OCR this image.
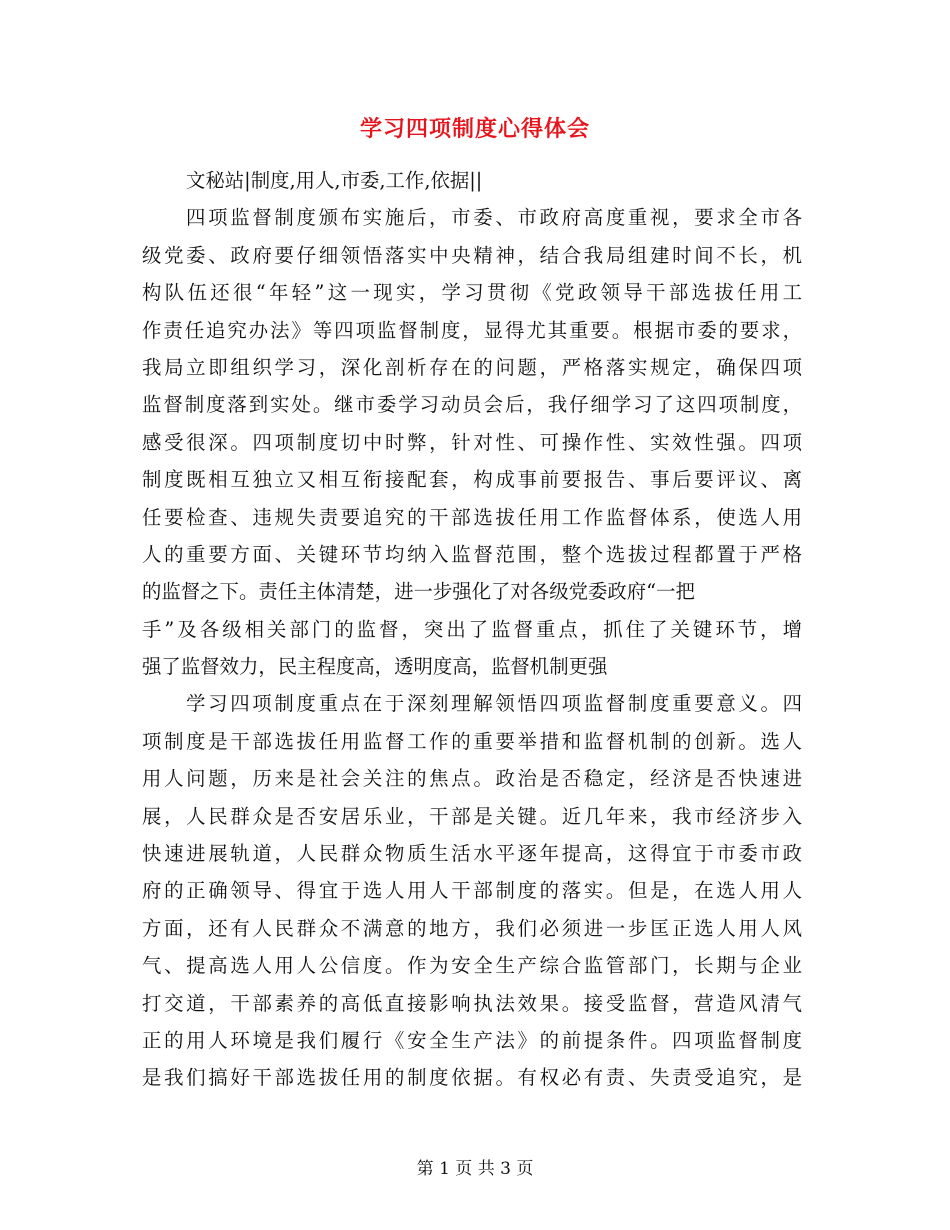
学习四项制度心得体会
文秘站|制度,用人,市委,工作,依据||
四项监督制度颁布实施后，市委、市政府高度重视，要求全市各
级党委、政府要仔细领悟落实中央精神，结合我局组建时间不长，机
构队伍还很“年轻”这一现实，学习贯彻《党政领导干部选拔任用工
作责任追究办法》等四项监督制度，显得尤其重要。根据市委的要求，
我局立即组织学习，深化剖析存在的问题，严格落实规定，确保四项
监督制度落到实处。继市委学习动员会后，我仔细学习了这四项制度，
感受很深。四项制度切中时弊，针对性、可操作性、实效性强。四项
制度既相互独立又相互衔接配套，构成事前要报告、事后要评议、离
任要检查、违规失责要追究的干部选拔任用工作监督体系，使选人用
人的重要方面、关键环节均纳入监督范围，整个选拔过程都置于严格
的监督之下。责任主体清楚，进一步强化了对各级党委政府“一把
手”及各级相关部门的监督，突出了监督重点，抓住了关键环节，增
强了监督效力，民主程度高，透明度高，监督机制更强
学习四项制度重点在于深刻理解领悟四项监督制度重要意义。四
项制度是干部选拔任用监督工作的重要举措和监督机制的创新。选人
用人问题，历来是社会关注的焦点。政治是否稳定，经济是否快速进
展，人民群众是否安居乐业，干部是关键。近几年来，我市经济步入
快速进展轨道，人民群众物质生活水平逐年提高，这得宜于市委市政
府的正确领导、得宜于选人用人干部制度的落实。但是，在选人用人
方面，还有人民群众不满意的地方，我们必须进一步匡正选人用人风
气、提高选人用人公信度。作为安全生产综合监管部门，长期与企业
打交道，干部素养的高低直接影响执法效果。接受监督，营造风清气
正的用人环境是我们履行《安全生产法》的前提条件。四项监督制度
是我们搞好干部选拔任用的制度依据。有权必有责、失责受追究，是
第 1 页 共 3 页
